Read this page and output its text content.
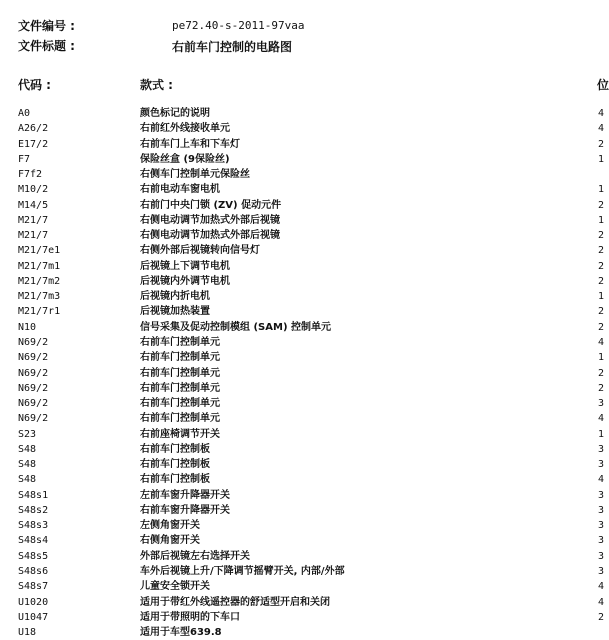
文件编号 :	pe72.40-s-2011-97vaa
文件标题 :	右前车门控制的电路图
代码 :	款式 :	位
A0	颜色标记的说明	4
A26/2	右前红外线接收单元	4
E17/2	右前车门上车和下车灯	2
F7	保险丝盒 (9保险丝)	1
F7f2	右侧车门控制单元保险丝
M10/2	右前电动车窗电机	1
M14/5	右前门中央门锁 (ZV) 促动元件	2
M21/7	右侧电动调节加热式外部后视镜	1
M21/7	右侧电动调节加热式外部后视镜	2
M21/7e1	右侧外部后视镜转向信号灯	2
M21/7m1	后视镜上下调节电机	2
M21/7m2	后视镜内外调节电机	2
M21/7m3	后视镜内折电机	1
M21/7r1	后视镜加热装置	2
N10	信号采集及促动控制模组 (SAM) 控制单元	2
N69/2	右前车门控制单元	4
N69/2	右前车门控制单元	1
N69/2	右前车门控制单元	2
N69/2	右前车门控制单元	2
N69/2	右前车门控制单元	3
N69/2	右前车门控制单元	4
S23	右前座椅调节开关	1
S48	右前车门控制板	3
S48	右前车门控制板	3
S48	右前车门控制板	4
S48s1	左前车窗升降器开关	3
S48s2	右前车窗升降器开关	3
S48s3	左侧角窗开关	3
S48s4	右侧角窗开关	3
S48s5	外部后视镜左右选择开关	3
S48s6	车外后视镜上升/下降调节摇臂开关, 内部/外部	3
S48s7	儿童安全锁开关	4
U1020	适用于带红外线遥控器的舒适型开启和关闭	4
U1047	适用于带照明的下车口	2
U18	适用于车型639.8
